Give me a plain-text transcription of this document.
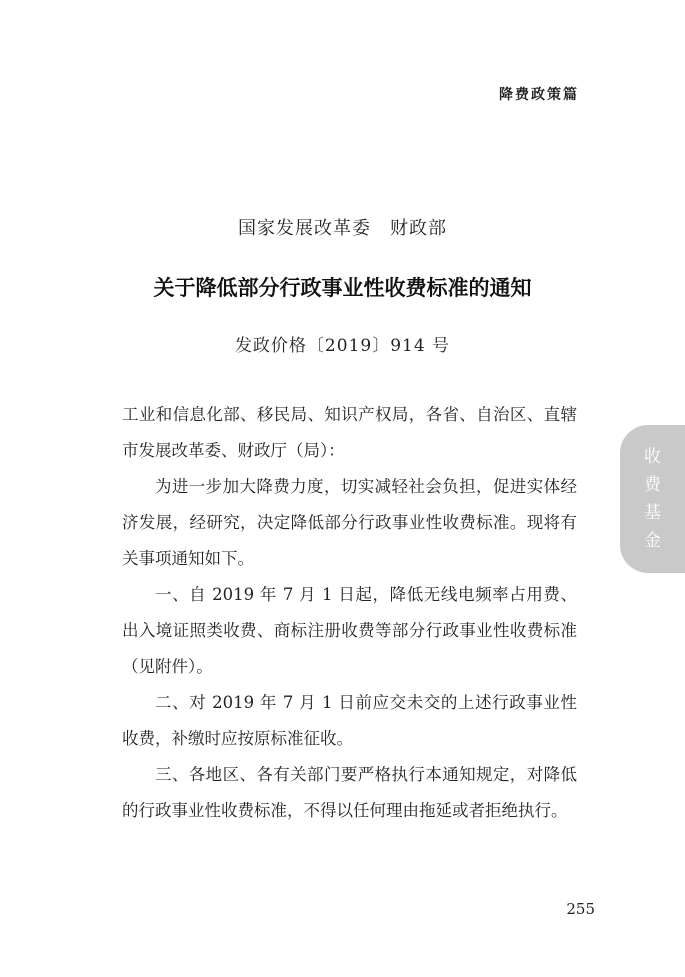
降费政策篇
国家发展改革委　财政部
关于降低部分行政事业性收费标准的通知
发政价格〔2019〕914 号

工业和信息化部、移民局、知识产权局，各省、自治区、直辖市发展改革委、财政厅（局）：

为进一步加大降费力度，切实减轻社会负担，促进实体经济发展，经研究，决定降低部分行政事业性收费标准。现将有关事项通知如下。

一、自 2019 年 7 月 1 日起，降低无线电频率占用费、出入境证照类收费、商标注册收费等部分行政事业性收费标准（见附件）。

二、对 2019 年 7 月 1 日前应交未交的上述行政事业性收费，补缴时应按原标准征收。

三、各地区、各有关部门要严格执行本通知规定，对降低的行政事业性收费标准，不得以任何理由拖延或者拒绝执行。

收
费
基
金
255
